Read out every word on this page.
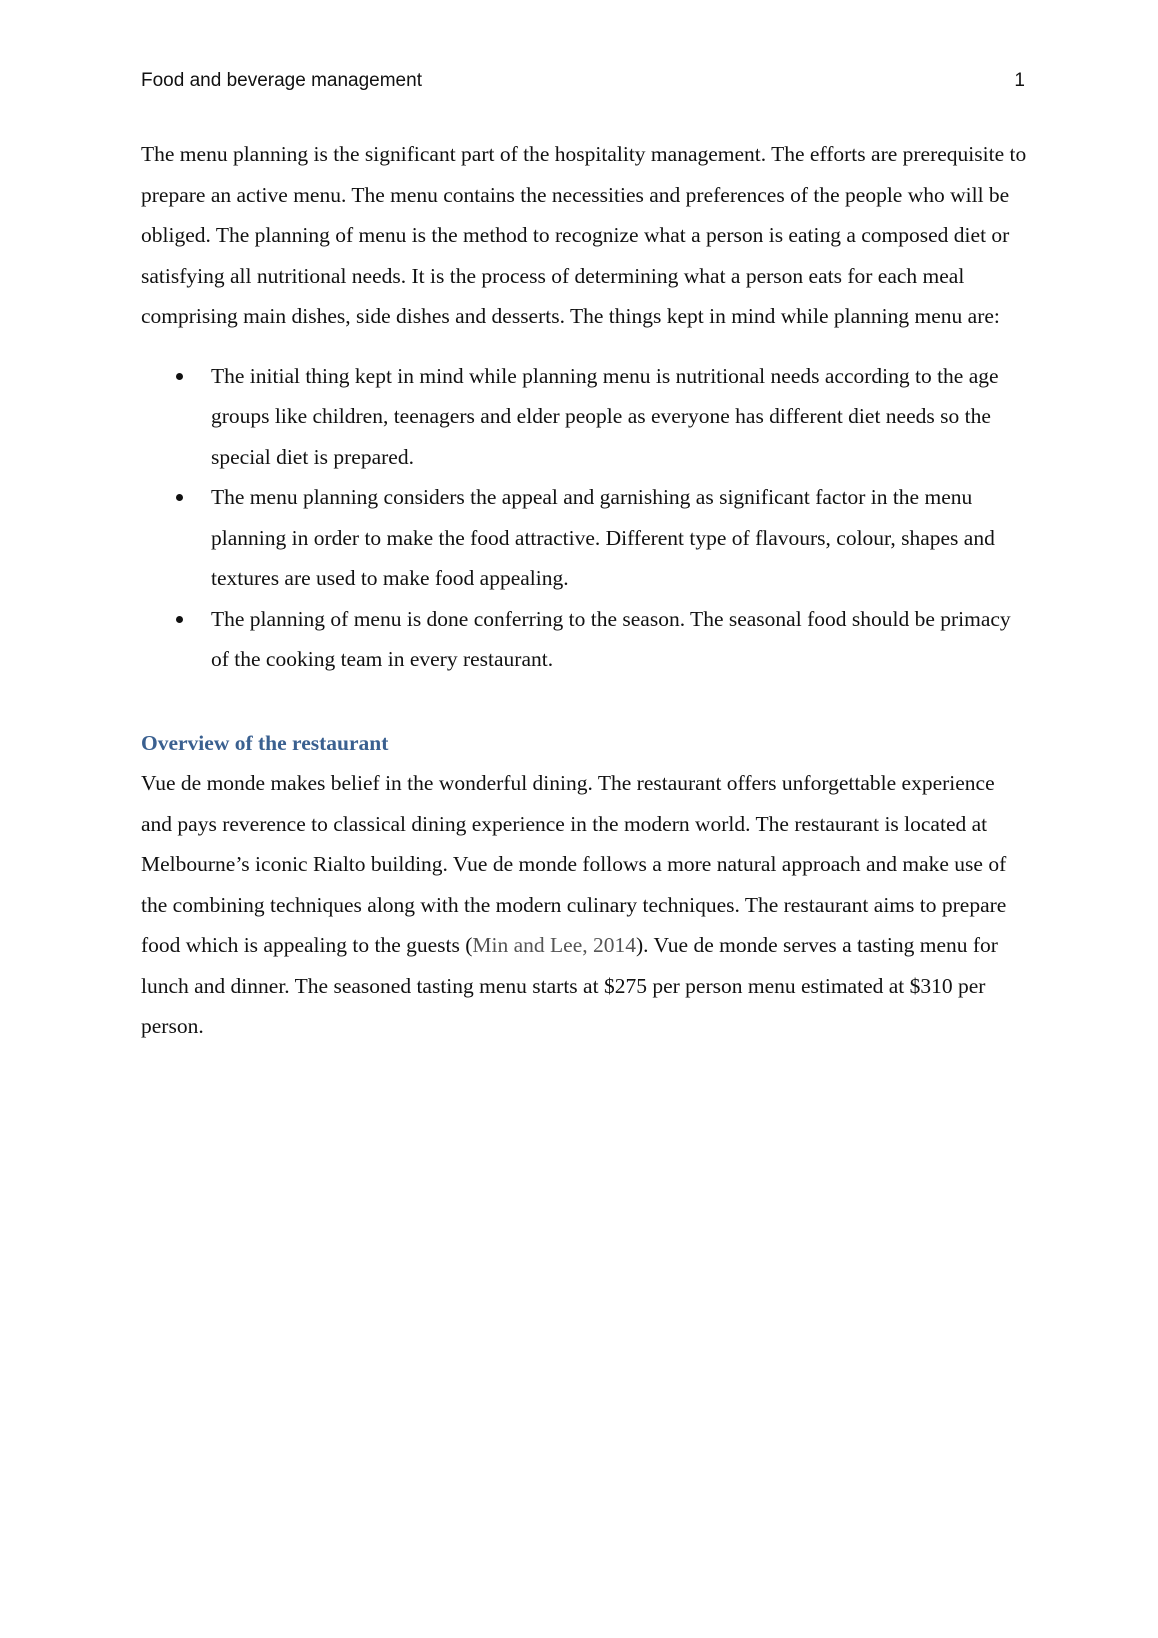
Food and beverage management	1

The menu planning is the significant part of the hospitality management. The efforts are prerequisite to prepare an active menu. The menu contains the necessities and preferences of the people who will be obliged. The planning of menu is the method to recognize what a person is eating a composed diet or satisfying all nutritional needs. It is the process of determining what a person eats for each meal comprising main dishes, side dishes and desserts. The things kept in mind while planning menu are:

The initial thing kept in mind while planning menu is nutritional needs according to the age groups like children, teenagers and elder people as everyone has different diet needs so the special diet is prepared.
The menu planning considers the appeal and garnishing as significant factor in the menu planning in order to make the food attractive. Different type of flavours, colour, shapes and textures are used to make food appealing.
The planning of menu is done conferring to the season. The seasonal food should be primacy of the cooking team in every restaurant.
Overview of the restaurant

Vue de monde makes belief in the wonderful dining. The restaurant offers unforgettable experience and pays reverence to classical dining experience in the modern world. The restaurant is located at Melbourne’s iconic Rialto building. Vue de monde follows a more natural approach and make use of the combining techniques along with the modern culinary techniques. The restaurant aims to prepare food which is appealing to the guests (Min and Lee, 2014). Vue de monde serves a tasting menu for lunch and dinner. The seasoned tasting menu starts at $275 per person menu estimated at $310 per person.
